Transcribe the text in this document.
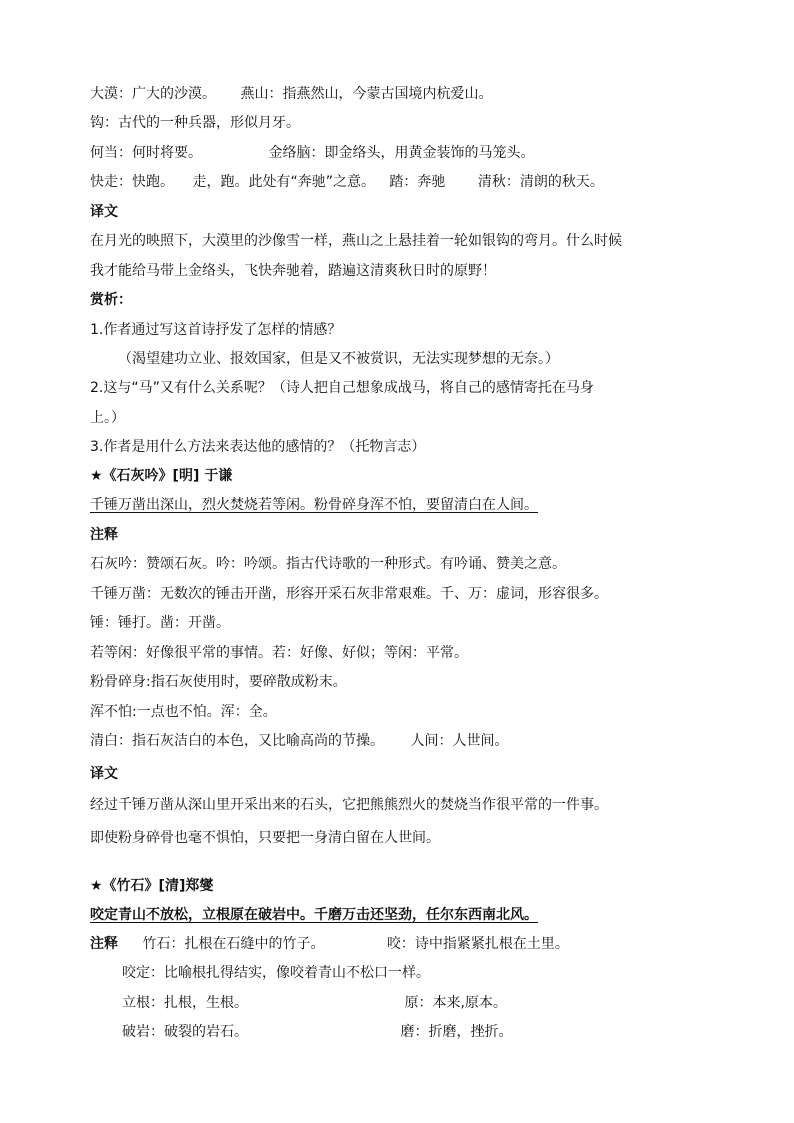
大漠：广大的沙漠。 燕山：指燕然山，今蒙古国境内杭爱山。
钩：古代的一种兵器，形似月牙。
何当：何时将要。	金络脑：即金络头，用黄金装饰的马笼头。
快走：快跑。 走，跑。此处有“奔驰”之意。 踏：奔驰 清秋：清朗的秋天。
译文
在月光的映照下，大漠里的沙像雪一样，燕山之上悬挂着一轮如银钩的弯月。什么时候
我才能给马带上金络头，飞快奔驰着，踏遍这清爽秋日时的原野！
赏析：
1.作者通过写这首诗抒发了怎样的情感？
（渴望建功立业、报效国家，但是又不被赏识，无法实现梦想的无奈。）
2.这与“马”又有什么关系呢？（诗人把自己想象成战马，将自己的感情寄托在马身
上。）
3.作者是用什么方法来表达他的感情的？（托物言志）
★《石灰吟》[明] 于谦
千锤万凿出深山，烈火焚烧若等闲。粉骨碎身浑不怕，要留清白在人间。
注释
石灰吟：赞颂石灰。吟：吟颂。指古代诗歌的一种形式。有吟诵、赞美之意。
千锤万凿：无数次的锤击开凿，形容开采石灰非常艰难。千、万：虚词，形容很多。
锤：锤打。凿：开凿。
若等闲：好像很平常的事情。若：好像、好似；等闲：平常。
粉骨碎身:指石灰使用时，要碎散成粉末。
浑不怕:一点也不怕。浑：全。
清白：指石灰洁白的本色，又比喻高尚的节操。 人间：人世间。
译文
经过千锤万凿从深山里开采出来的石头，它把熊熊烈火的焚烧当作很平常的一件事。
即使粉身碎骨也毫不惧怕，只要把一身清白留在人世间。
★《竹石》[清]郑燮
咬定青山不放松，立根原在破岩中。千磨万击还坚劲，任尔东西南北风。
注释 竹石：扎根在石缝中的竹子。	咬：诗中指紧紧扎根在土里。
咬定：比喻根扎得结实，像咬着青山不松口一样。
立根：扎根，生根。	原：本来,原本。
破岩：破裂的岩石。	磨：折磨，挫折。
